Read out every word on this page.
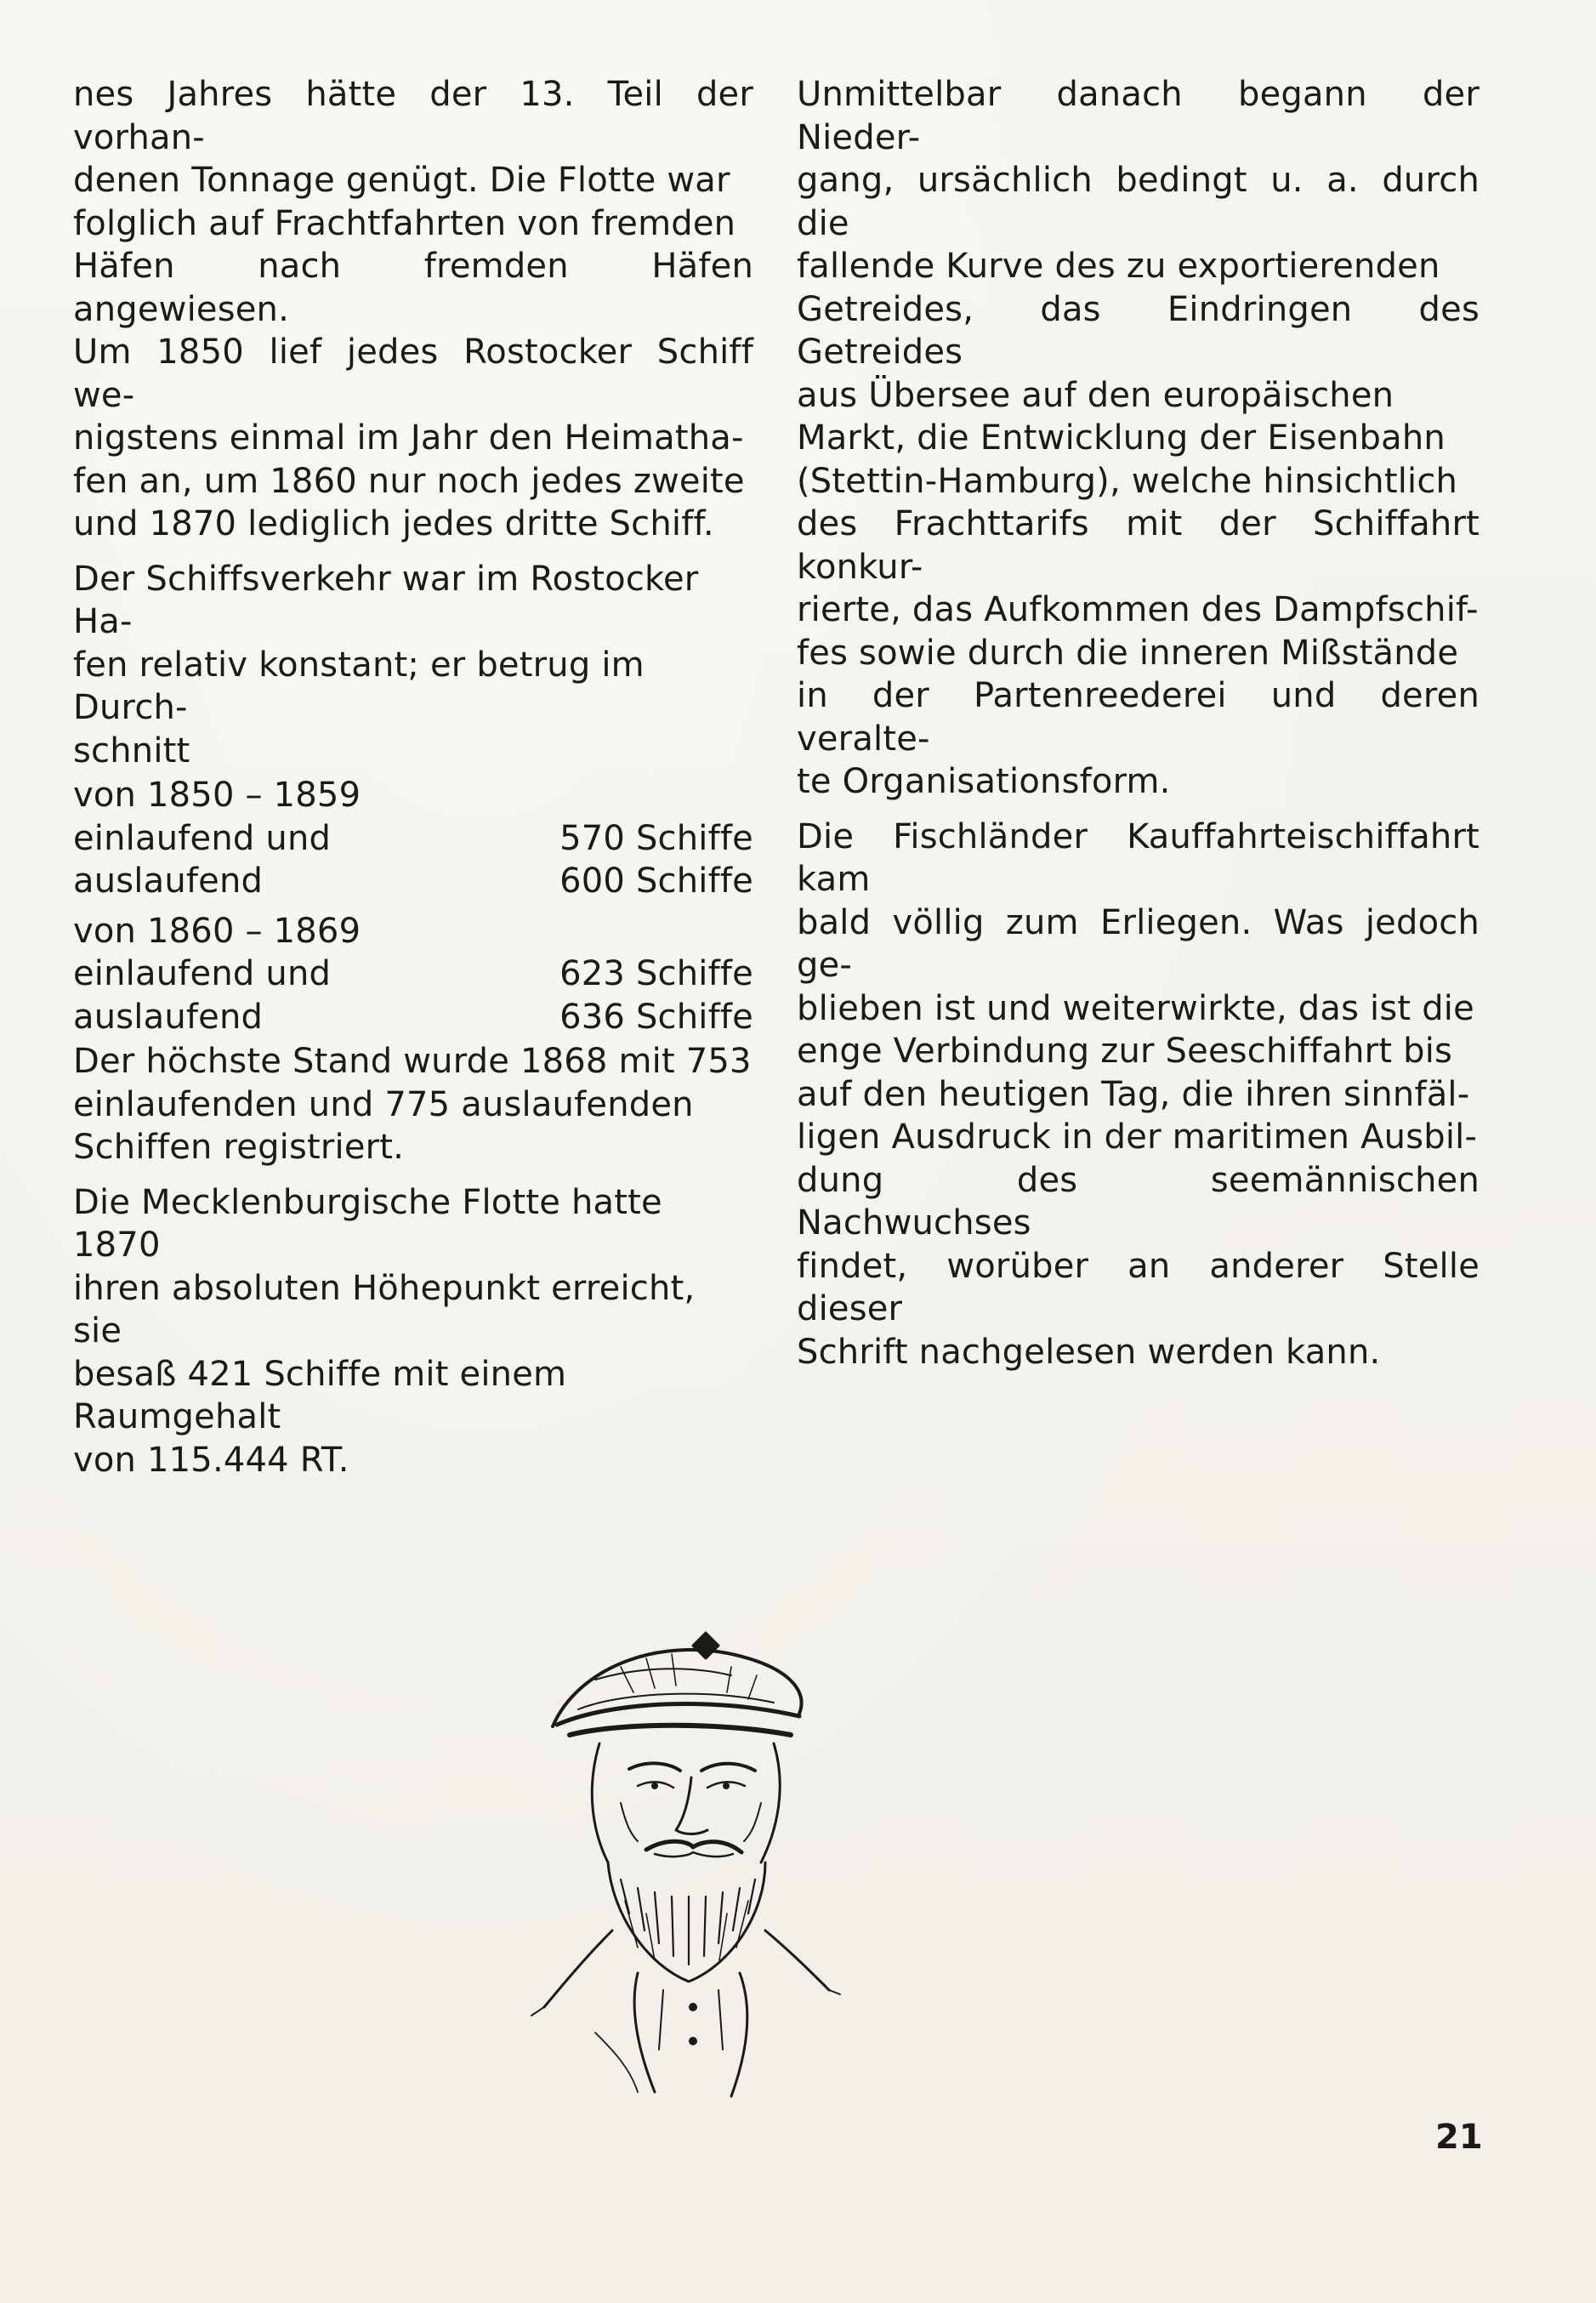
nes Jahres hätte der 13. Teil der vorhan-
denen Tonnage genügt. Die Flotte war
folglich auf Frachtfahrten von fremden
Häfen nach fremden Häfen angewiesen.
Um 1850 lief jedes Rostocker Schiff we-
nigstens einmal im Jahr den Heimatha-
fen an, um 1860 nur noch jedes zweite
und 1870 lediglich jedes dritte Schiff.

Der Schiffsverkehr war im Rostocker Ha-
fen relativ konstant; er betrug im Durch-
schnitt

von 1850 – 1859
einlaufend und	570 Schiffe
auslaufend	600 Schiffe
von 1860 – 1869
einlaufend und	623 Schiffe
auslaufend	636 Schiffe

Der höchste Stand wurde 1868 mit 753
einlaufenden und 775 auslaufenden
Schiffen registriert.

Die Mecklenburgische Flotte hatte 1870
ihren absoluten Höhepunkt erreicht, sie
besaß 421 Schiffe mit einem Raumgehalt
von 115.444 RT.

Unmittelbar danach begann der Nieder-
gang, ursächlich bedingt u. a. durch die
fallende Kurve des zu exportierenden
Getreides, das Eindringen des Getreides
aus Übersee auf den europäischen
Markt, die Entwicklung der Eisenbahn
(Stettin-Hamburg), welche hinsichtlich
des Frachttarifs mit der Schiffahrt konkur-
rierte, das Aufkommen des Dampfschif-
fes sowie durch die inneren Mißstände
in der Partenreederei und deren veralte-
te Organisationsform.

Die Fischländer Kauffahrteischiffahrt kam
bald völlig zum Erliegen. Was jedoch ge-
blieben ist und weiterwirkte, das ist die
enge Verbindung zur Seeschiffahrt bis
auf den heutigen Tag, die ihren sinnfäl-
ligen Ausdruck in der maritimen Ausbil-
dung des seemännischen Nachwuchses
findet, worüber an anderer Stelle dieser
Schrift nachgelesen werden kann.

21
